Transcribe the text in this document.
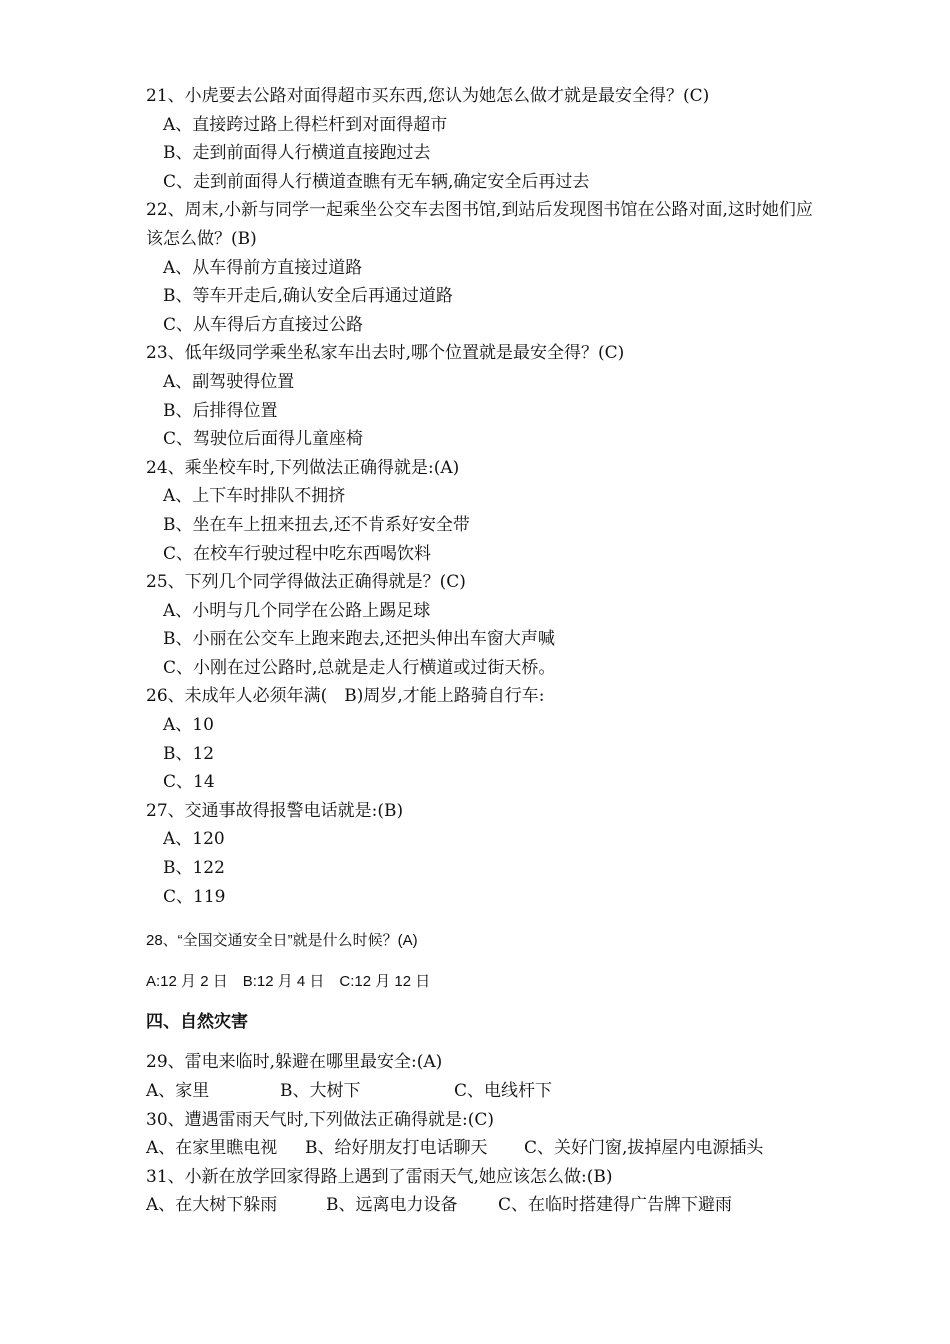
21、小虎要去公路对面得超市买东西,您认为她怎么做才就是最安全得？(C)
A、直接跨过路上得栏杆到对面得超市
B、走到前面得人行横道直接跑过去
C、走到前面得人行横道查瞧有无车辆,确定安全后再过去
22、周末,小新与同学一起乘坐公交车去图书馆,到站后发现图书馆在公路对面,这时她们应该怎么做？(B)
A、从车得前方直接过道路
B、等车开走后,确认安全后再通过道路
C、从车得后方直接过公路
23、低年级同学乘坐私家车出去时,哪个位置就是最安全得？(C)
A、副驾驶得位置
B、后排得位置
C、驾驶位后面得儿童座椅
24、乘坐校车时,下列做法正确得就是:(A)
A、上下车时排队不拥挤
B、坐在车上扭来扭去,还不肯系好安全带
C、在校车行驶过程中吃东西喝饮料
25、下列几个同学得做法正确得就是？(C)
A、小明与几个同学在公路上踢足球
B、小丽在公交车上跑来跑去,还把头伸出车窗大声喊
C、小刚在过公路时,总就是走人行横道或过街天桥。
26、未成年人必须年满(　B)周岁,才能上路骑自行车:
A、10
B、12
C、14
27、交通事故得报警电话就是:(B)
A、120
B、122
C、119
28、“全国交通安全日”就是什么时候？(A)
A:12 月 2 日　B:12 月 4 日　C:12 月 12 日
四、自然灾害
29、雷电来临时,躲避在哪里最安全:(A)
A、家里	B、大树下	C、电线杆下
30、遭遇雷雨天气时,下列做法正确得就是:(C)
A、在家里瞧电视	B、给好朋友打电话聊天	C、关好门窗,拔掉屋内电源插头
31、小新在放学回家得路上遇到了雷雨天气,她应该怎么做:(B)
A、在大树下躲雨	B、远离电力设备	C、在临时搭建得广告牌下避雨
